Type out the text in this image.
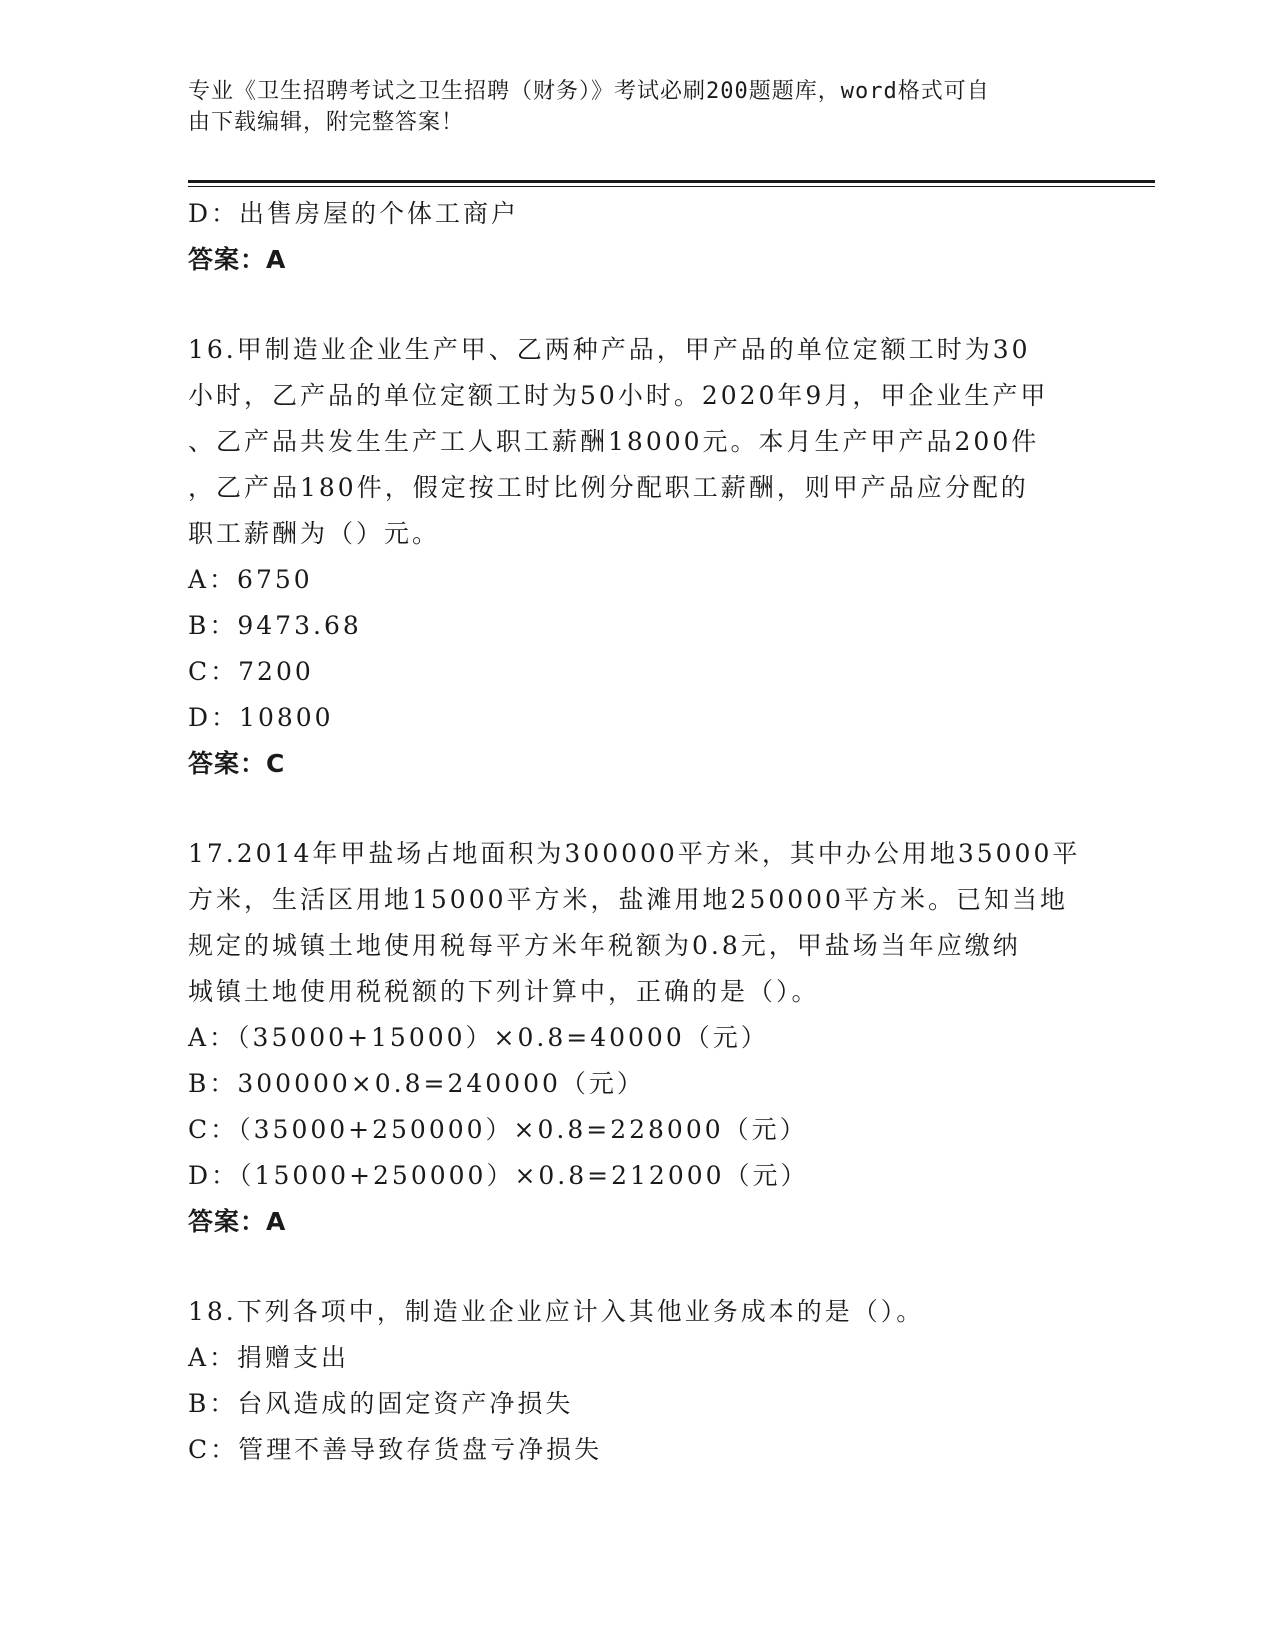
专业《卫生招聘考试之卫生招聘（财务）》考试必刷200题题库，word格式可自
由下载编辑，附完整答案！
D：出售房屋的个体工商户
答案：A
16.甲制造业企业生产甲、乙两种产品，甲产品的单位定额工时为30
小时，乙产品的单位定额工时为50小时。2020年9月，甲企业生产甲
、乙产品共发生生产工人职工薪酬18000元。本月生产甲产品200件
，乙产品180件，假定按工时比例分配职工薪酬，则甲产品应分配的
职工薪酬为（）元。
A：6750
B：9473.68
C：7200
D：10800
答案：C
17.2014年甲盐场占地面积为300000平方米，其中办公用地35000平
方米，生活区用地15000平方米，盐滩用地250000平方米。已知当地
规定的城镇土地使用税每平方米年税额为0.8元，甲盐场当年应缴纳
城镇土地使用税税额的下列计算中，正确的是（）。
A：（35000+15000）×0.8=40000（元）
B：300000×0.8=240000（元）
C：（35000+250000）×0.8=228000（元）
D：（15000+250000）×0.8=212000（元）
答案：A
18.下列各项中，制造业企业应计入其他业务成本的是（）。
A：捐赠支出
B：台风造成的固定资产净损失
C：管理不善导致存货盘亏净损失
